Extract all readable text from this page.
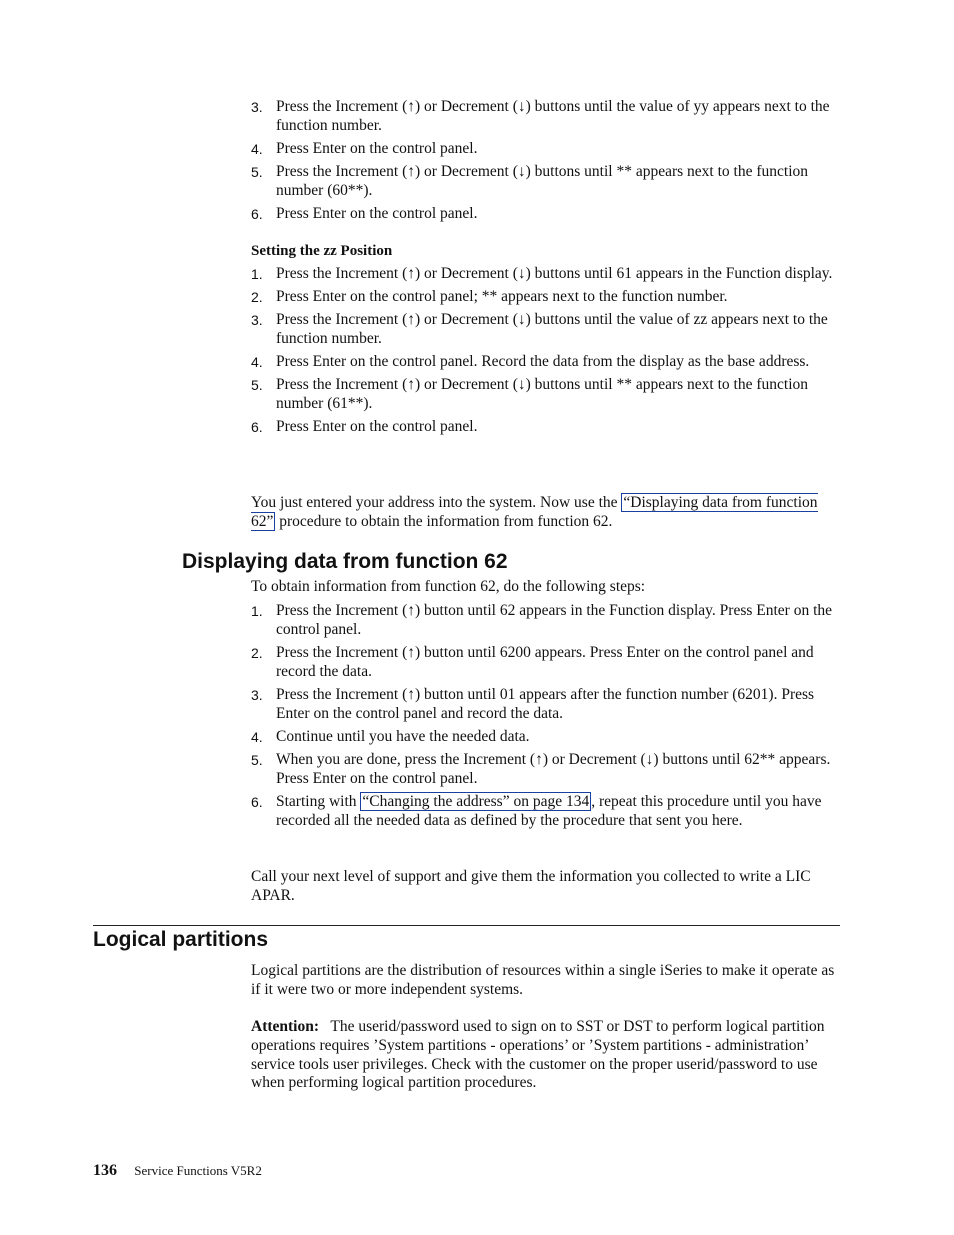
3. Press the Increment (↑) or Decrement (↓) buttons until the value of yy appears next to the function number.
4. Press Enter on the control panel.
5. Press the Increment (↑) or Decrement (↓) buttons until ** appears next to the function number (60**).
6. Press Enter on the control panel.
Setting the zz Position
1. Press the Increment (↑) or Decrement (↓) buttons until 61 appears in the Function display.
2. Press Enter on the control panel; ** appears next to the function number.
3. Press the Increment (↑) or Decrement (↓) buttons until the value of zz appears next to the function number.
4. Press Enter on the control panel. Record the data from the display as the base address.
5. Press the Increment (↑) or Decrement (↓) buttons until ** appears next to the function number (61**).
6. Press Enter on the control panel.

You just entered your address into the system. Now use the “Displaying data from function 62” procedure to obtain the information from function 62.

Displaying data from function 62

To obtain information from function 62, do the following steps:

1. Press the Increment (↑) button until 62 appears in the Function display. Press Enter on the control panel.
2. Press the Increment (↑) button until 6200 appears. Press Enter on the control panel and record the data.
3. Press the Increment (↑) button until 01 appears after the function number (6201). Press Enter on the control panel and record the data.
4. Continue until you have the needed data.
5. When you are done, press the Increment (↑) or Decrement (↓) buttons until 62** appears. Press Enter on the control panel.
6. Starting with “Changing the address” on page 134 , repeat this procedure until you have recorded all the needed data as defined by the procedure that sent you here.

Call your next level of support and give them the information you collected to write a LIC APAR.

Logical partitions

Logical partitions are the distribution of resources within a single iSeries to make it operate as if it were two or more independent systems.

Attention: The userid/password used to sign on to SST or DST to perform logical partition operations requires ’System partitions - operations’ or ’System partitions - administration’ service tools user privileges. Check with the customer on the proper userid/password to use when performing logical partition procedures.

136 Service Functions V5R2
